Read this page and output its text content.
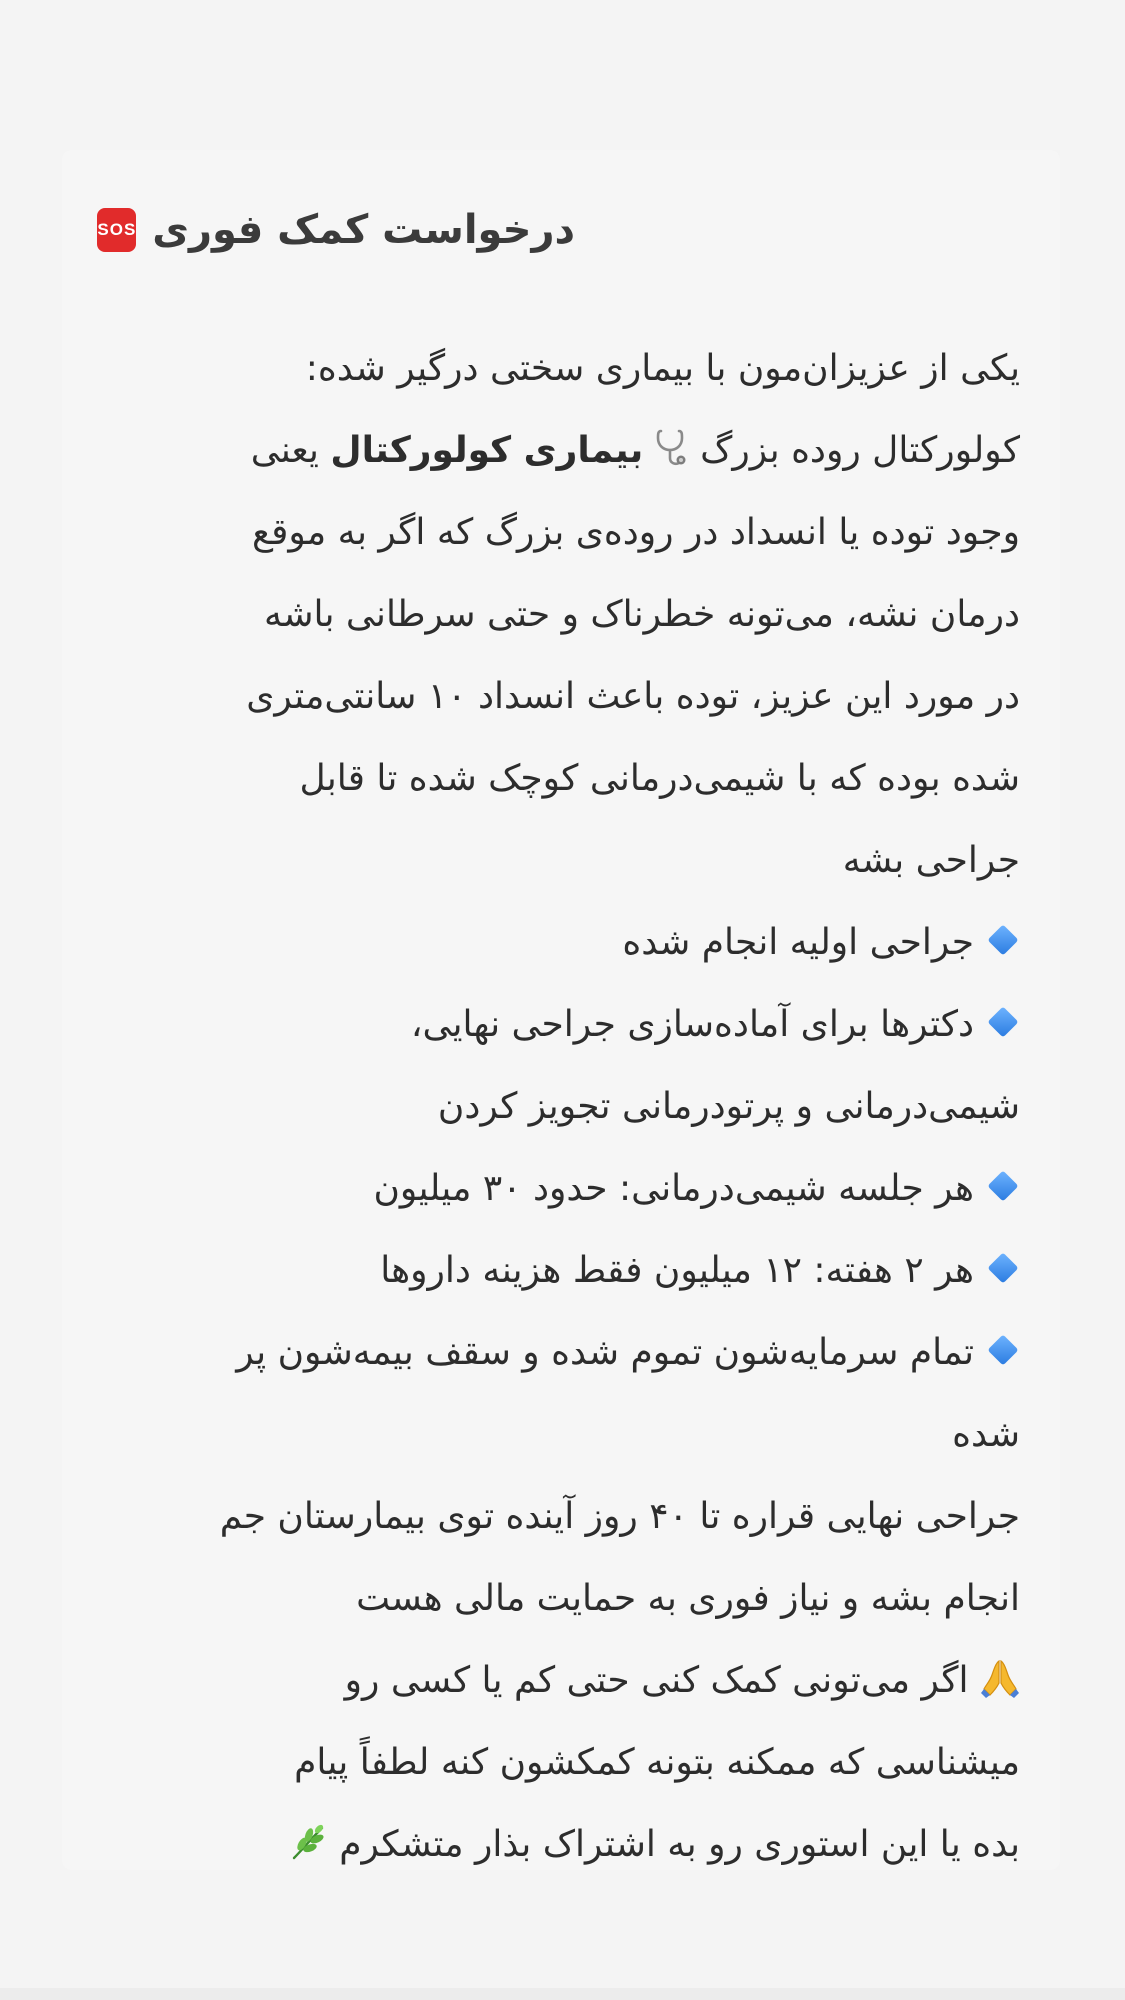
درخواست کمک فوری
SOS
یکی از عزیزان‌مون با بیماری سختی درگیر شده:
کولورکتال روده بزرگ
بیماری کولورکتال یعنی
وجود توده یا انسداد در روده‌ی بزرگ که اگر به موقع
درمان نشه، می‌تونه خطرناک و حتی سرطانی باشه
در مورد این عزیز، توده باعث انسداد ۱۰ سانتی‌متری
شده بوده که با شیمی‌درمانی کوچک شده تا قابل
جراحی بشه
جراحی اولیه انجام شده
دکترها برای آماده‌سازی جراحی نهایی،
شیمی‌درمانی و پرتودرمانی تجویز کردن
هر جلسه شیمی‌درمانی: حدود ۳۰ میلیون
هر ۲ هفته: ۱۲ میلیون فقط هزینه داروها
تمام سرمایه‌شون تموم شده و سقف بیمه‌شون پر
شده
جراحی نهایی قراره تا ۴۰ روز آینده توی بیمارستان جم
انجام بشه و نیاز فوری به حمایت مالی هست
اگر می‌تونی کمک کنی حتی کم یا کسی رو
میشناسی که ممکنه بتونه کمکشون کنه لطفاً پیام
بده یا این استوری رو به اشتراک بذار متشکرم
